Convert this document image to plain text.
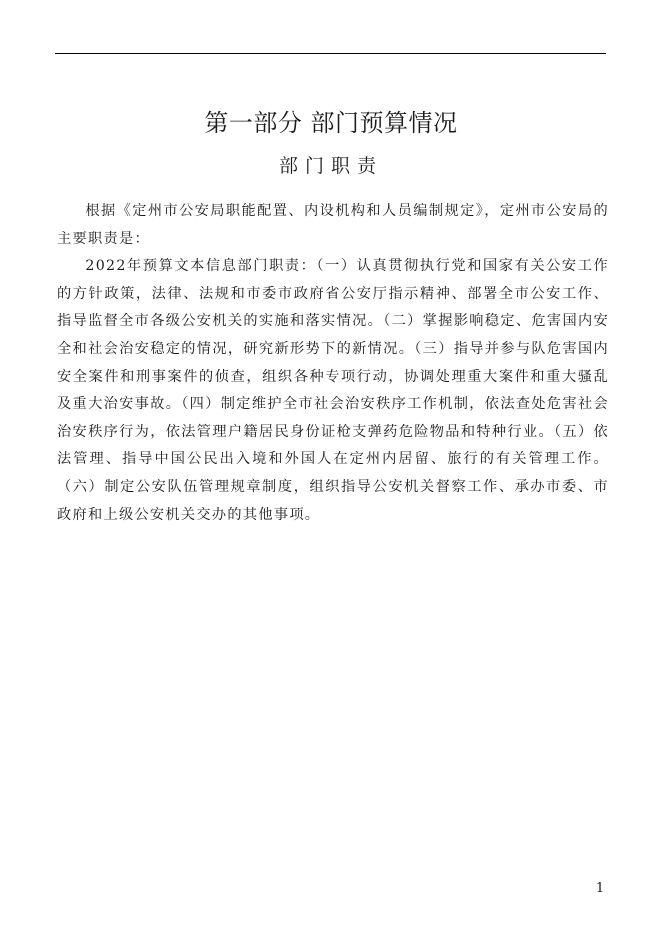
第一部分 部门预算情况
部门职责

根据《定州市公安局职能配置、内设机构和人员编制规定》，定州市公安局的主要职责是：

2022年预算文本信息部门职责：（一）认真贯彻执行党和国家有关公安工作的方针政策，法律、法规和市委市政府省公安厅指示精神、部署全市公安工作、指导监督全市各级公安机关的实施和落实情况。（二）掌握影响稳定、危害国内安全和社会治安稳定的情况，研究新形势下的新情况。（三）指导并参与队危害国内安全案件和刑事案件的侦查，组织各种专项行动，协调处理重大案件和重大骚乱及重大治安事故。（四）制定维护全市社会治安秩序工作机制，依法查处危害社会治安秩序行为，依法管理户籍居民身份证枪支弹药危险物品和特种行业。（五）依法管理、指导中国公民出入境和外国人在定州内居留、旅行的有关管理工作。（六）制定公安队伍管理规章制度，组织指导公安机关督察工作、承办市委、市政府和上级公安机关交办的其他事项。

1
